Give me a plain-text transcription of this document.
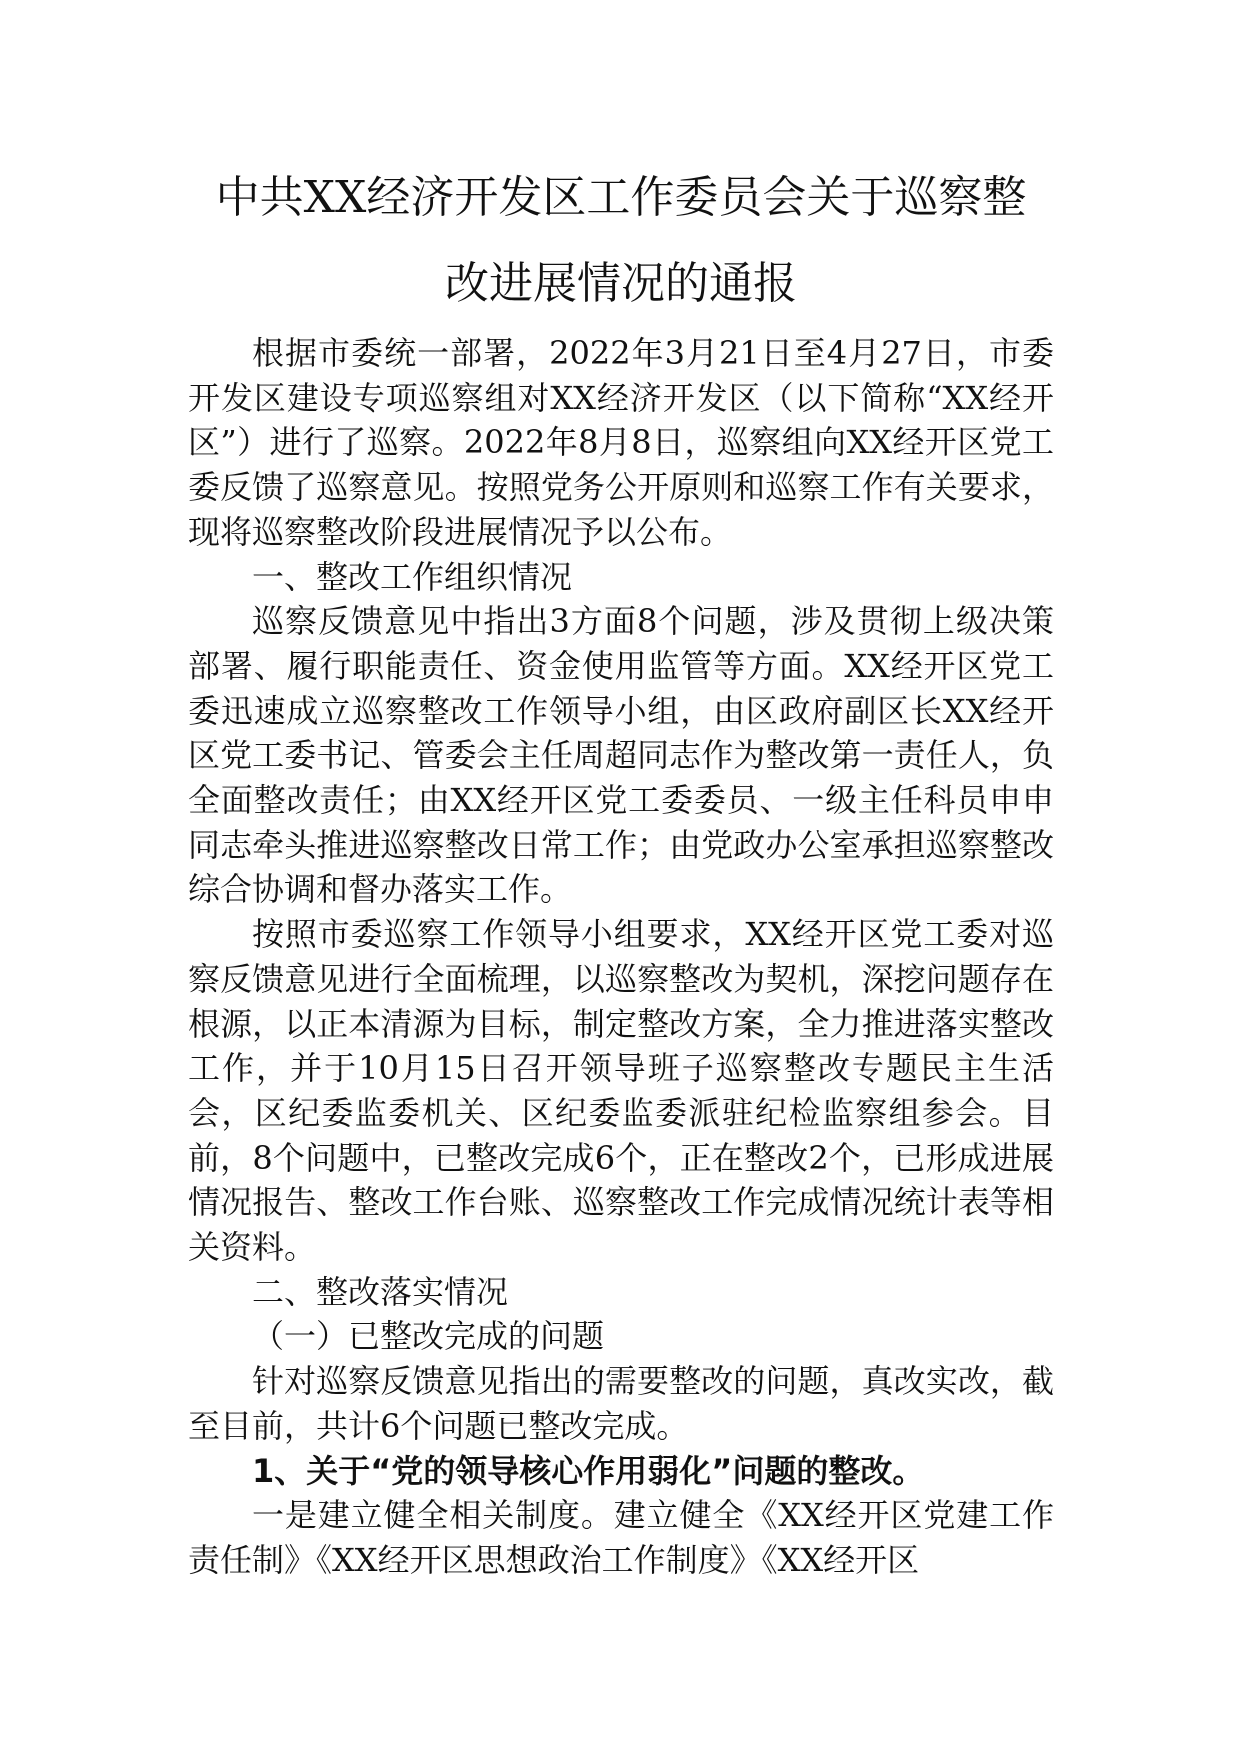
中共XX经济开发区工作委员会关于巡察整
改进展情况的通报

根据市委统一部署，2022年3月21日至4月27日，市委开发区建设专项巡察组对XX经济开发区（以下简称“XX经开区”）进行了巡察。2022年8月8日，巡察组向XX经开区党工委反馈了巡察意见。按照党务公开原则和巡察工作有关要求，现将巡察整改阶段进展情况予以公布。

一、整改工作组织情况

巡察反馈意见中指出3方面8个问题，涉及贯彻上级决策部署、履行职能责任、资金使用监管等方面。XX经开区党工委迅速成立巡察整改工作领导小组，由区政府副区长XX经开区党工委书记、管委会主任周超同志作为整改第一责任人，负全面整改责任；由XX经开区党工委委员、一级主任科员申申同志牵头推进巡察整改日常工作；由党政办公室承担巡察整改综合协调和督办落实工作。

按照市委巡察工作领导小组要求，XX经开区党工委对巡察反馈意见进行全面梳理，以巡察整改为契机，深挖问题存在根源，以正本清源为目标，制定整改方案，全力推进落实整改工作，并于10月15日召开领导班子巡察整改专题民主生活会，区纪委监委机关、区纪委监委派驻纪检监察组参会。目前，8个问题中，已整改完成6个，正在整改2个，已形成进展情况报告、整改工作台账、巡察整改工作完成情况统计表等相关资料。

二、整改落实情况

（一）已整改完成的问题

针对巡察反馈意见指出的需要整改的问题，真改实改，截至目前，共计6个问题已整改完成。

1、关于“党的领导核心作用弱化”问题的整改。

一是建立健全相关制度。建立健全《XX经开区党建工作责任制》《XX经开区思想政治工作制度》《XX经开区
